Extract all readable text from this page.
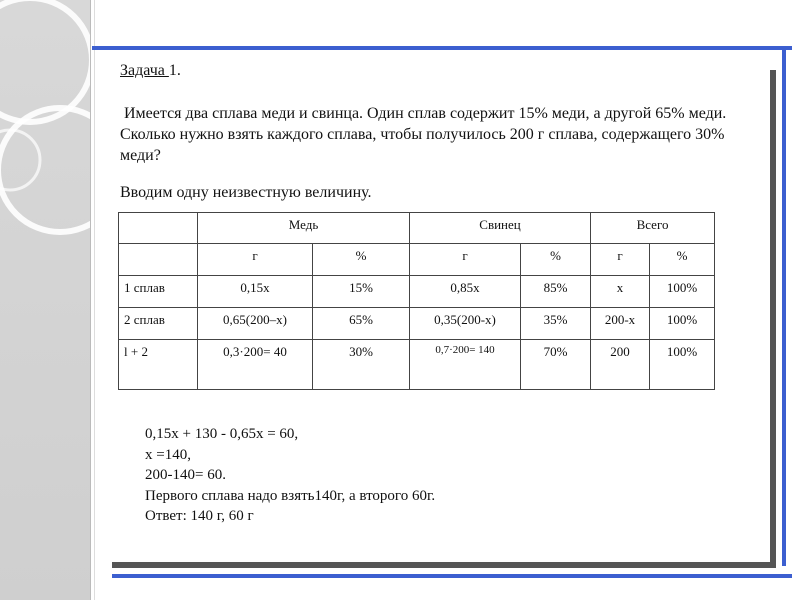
Задача 1.
Имеется два сплава меди и свинца. Один сплав содержит 15% меди, а другой 65% меди. Сколько нужно взять каждого сплава, чтобы получилось 200 г сплава, содержащего 30% меди?
Вводим одну неизвестную величину.
	Медь		Свинец		Всего	
	г	%	г	%	г	%
1 сплав	0,15x	15%	0,85x	85%	x	100%
2 сплав	0,65(200–x)	65%	0,35(200-x)	35%	200-x	100%
l + 2	0,3·200= 40	30%	0,7·200= 140	70%	200	100%
0,15x + 130 - 0,65x = 60,
x =140,
200-140= 60.
Первого сплава надо взять140г, а второго 60г.
Ответ: 140 г, 60 г
